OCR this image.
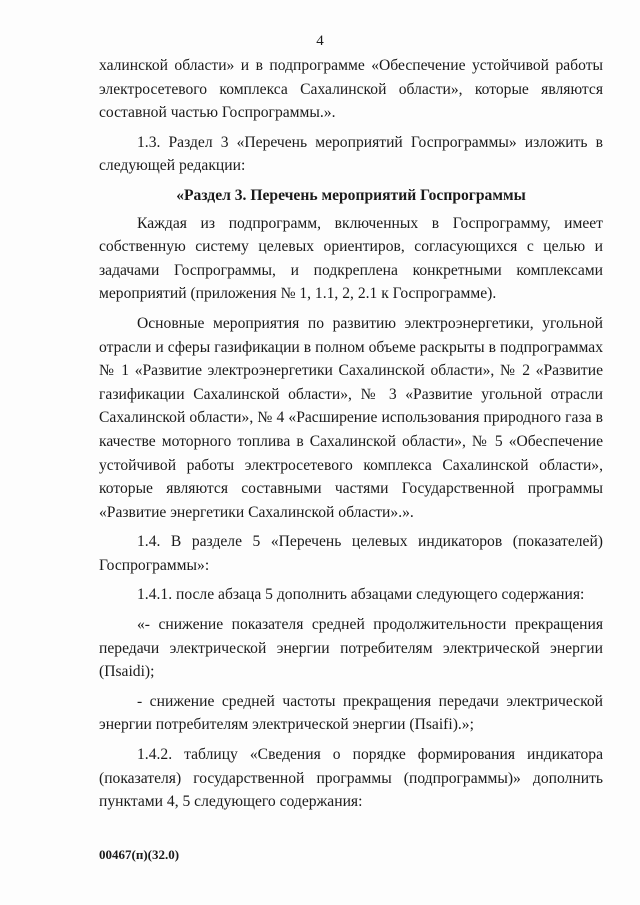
4

халинской области» и в подпрограмме «Обеспечение устойчивой работы электросетевого комплекса Сахалинской области», которые являются составной частью Госпрограммы.».

1.3. Раздел 3 «Перечень мероприятий Госпрограммы» изложить в следующей редакции:

«Раздел 3. Перечень мероприятий Госпрограммы

Каждая из подпрограмм, включенных в Госпрограмму, имеет собственную систему целевых ориентиров, согласующихся с целью и задачами Госпрограммы, и подкреплена конкретными комплексами мероприятий (приложения № 1, 1.1, 2, 2.1 к Госпрограмме).

Основные мероприятия по развитию электроэнергетики, угольной отрасли и сферы газификации в полном объеме раскрыты в подпрограммах № 1 «Развитие электроэнергетики Сахалинской области», № 2 «Развитие газификации Сахалинской области», № 3 «Развитие угольной отрасли Сахалинской области», № 4 «Расширение использования природного газа в качестве моторного топлива в Сахалинской области», № 5 «Обеспечение устойчивой работы электросетевого комплекса Сахалинской области», которые являются составными частями Государственной программы «Развитие энергетики Сахалинской области».».

1.4. В разделе 5 «Перечень целевых индикаторов (показателей) Госпрограммы»:

1.4.1. после абзаца 5 дополнить абзацами следующего содержания:

«- снижение показателя средней продолжительности прекращения передачи электрической энергии потребителям электрической энергии (Пsaidi);

- снижение средней частоты прекращения передачи электрической энергии потребителям электрической энергии (Пsaifi).»;

1.4.2. таблицу «Сведения о порядке формирования индикатора (показателя) государственной программы (подпрограммы)» дополнить пунктами 4, 5 следующего содержания:

00467(п)(32.0)
